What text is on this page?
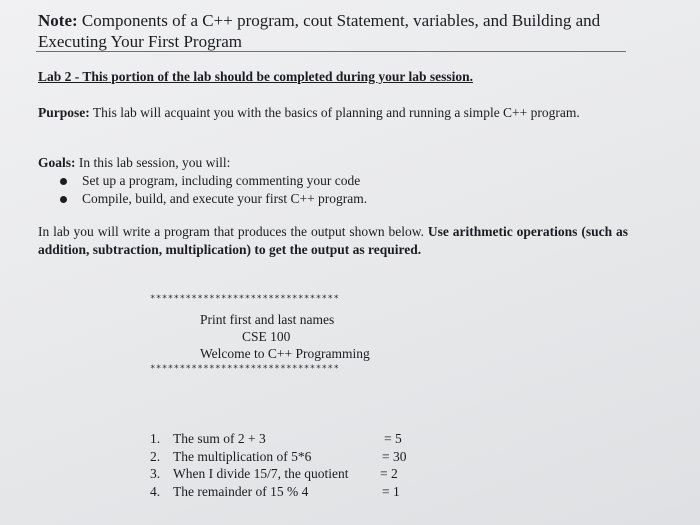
Note: Components of a C++ program, cout Statement, variables, and Building and Executing Your First Program
Lab 2 - This portion of the lab should be completed during your lab session.
Purpose: This lab will acquaint you with the basics of planning and running a simple C++ program.
Goals: In this lab session, you will:
Set up a program, including commenting your code
Compile, build, and execute your first C++ program.
In lab you will write a program that produces the output shown below. Use arithmetic operations (such as addition, subtraction, multiplication) to get the output as required.
********************************
Print first and last names
CSE 100
Welcome to C++ Programming
********************************
1. The sum of 2 + 3	= 5
2. The multiplication of 5*6	= 30
3. When I divide 15/7, the quotient = 2
4. The remainder of 15 % 4	= 1
